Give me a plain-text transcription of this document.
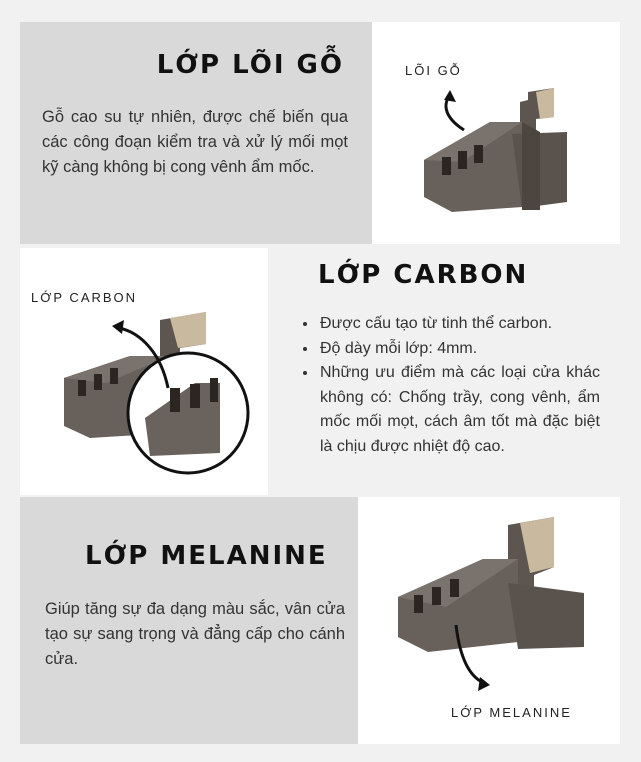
LỚP LÕI GỖ
Gỗ cao su tự nhiên, được chế biến qua các công đoạn kiểm tra và xử lý mối mọt kỹ càng không bị cong vênh ẩm mốc.
LÕI GỖ
LỚP CARBON
LỚP CARBON
• Được cấu tạo từ tinh thể carbon.
• Độ dày mỗi lớp: 4mm.
• Những ưu điểm mà các loại cửa khác không có: Chống trầy, cong vênh, ẩm mốc mối mọt, cách âm tốt mà đặc biệt là chịu được nhiệt độ cao.
LỚP MELANINE
Giúp tăng sự đa dạng màu sắc, vân cửa tạo sự sang trọng và đẳng cấp cho cánh cửa.
LỚP MELANINE
